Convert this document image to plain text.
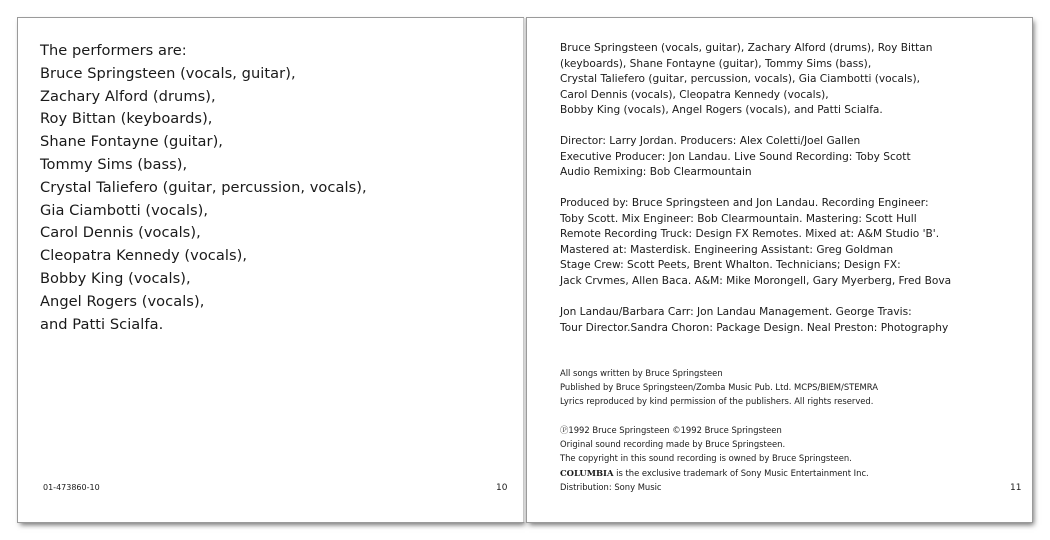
The performers are:
Bruce Springsteen (vocals, guitar),
Zachary Alford (drums),
Roy Bittan (keyboards),
Shane Fontayne (guitar),
Tommy Sims (bass),
Crystal Taliefero (guitar, percussion, vocals),
Gia Ciambotti (vocals),
Carol Dennis (vocals),
Cleopatra Kennedy (vocals),
Bobby King (vocals),
Angel Rogers (vocals),
and Patti Scialfa.
01-473860-10	10
Bruce Springsteen (vocals, guitar), Zachary Alford (drums), Roy Bittan
(keyboards), Shane Fontayne (guitar), Tommy Sims (bass),
Crystal Taliefero (guitar, percussion, vocals), Gia Ciambotti (vocals),
Carol Dennis (vocals), Cleopatra Kennedy (vocals),
Bobby King (vocals), Angel Rogers (vocals), and Patti Scialfa.
Director: Larry Jordan. Producers: Alex Coletti/Joel Gallen
Executive Producer: Jon Landau. Live Sound Recording: Toby Scott
Audio Remixing: Bob Clearmountain
Produced by: Bruce Springsteen and Jon Landau. Recording Engineer:
Toby Scott. Mix Engineer: Bob Clearmountain. Mastering: Scott Hull
Remote Recording Truck: Design FX Remotes. Mixed at: A&M Studio 'B'.
Mastered at: Masterdisk. Engineering Assistant: Greg Goldman
Stage Crew: Scott Peets, Brent Whalton. Technicians; Design FX:
Jack Crvmes, Allen Baca. A&M: Mike Morongell, Gary Myerberg, Fred Bova
Jon Landau/Barbara Carr: Jon Landau Management. George Travis:
Tour Director.Sandra Choron: Package Design. Neal Preston: Photography
All songs written by Bruce Springsteen
Published by Bruce Springsteen/Zomba Music Pub. Ltd. MCPS/BIEM/STEMRA
Lyrics reproduced by kind permission of the publishers. All rights reserved.
Ⓟ1992 Bruce Springsteen ©1992 Bruce Springsteen
Original sound recording made by Bruce Springsteen.
The copyright in this sound recording is owned by Bruce Springsteen.
COLUMBIA is the exclusive trademark of Sony Music Entertainment Inc.
Distribution: Sony Music	11
